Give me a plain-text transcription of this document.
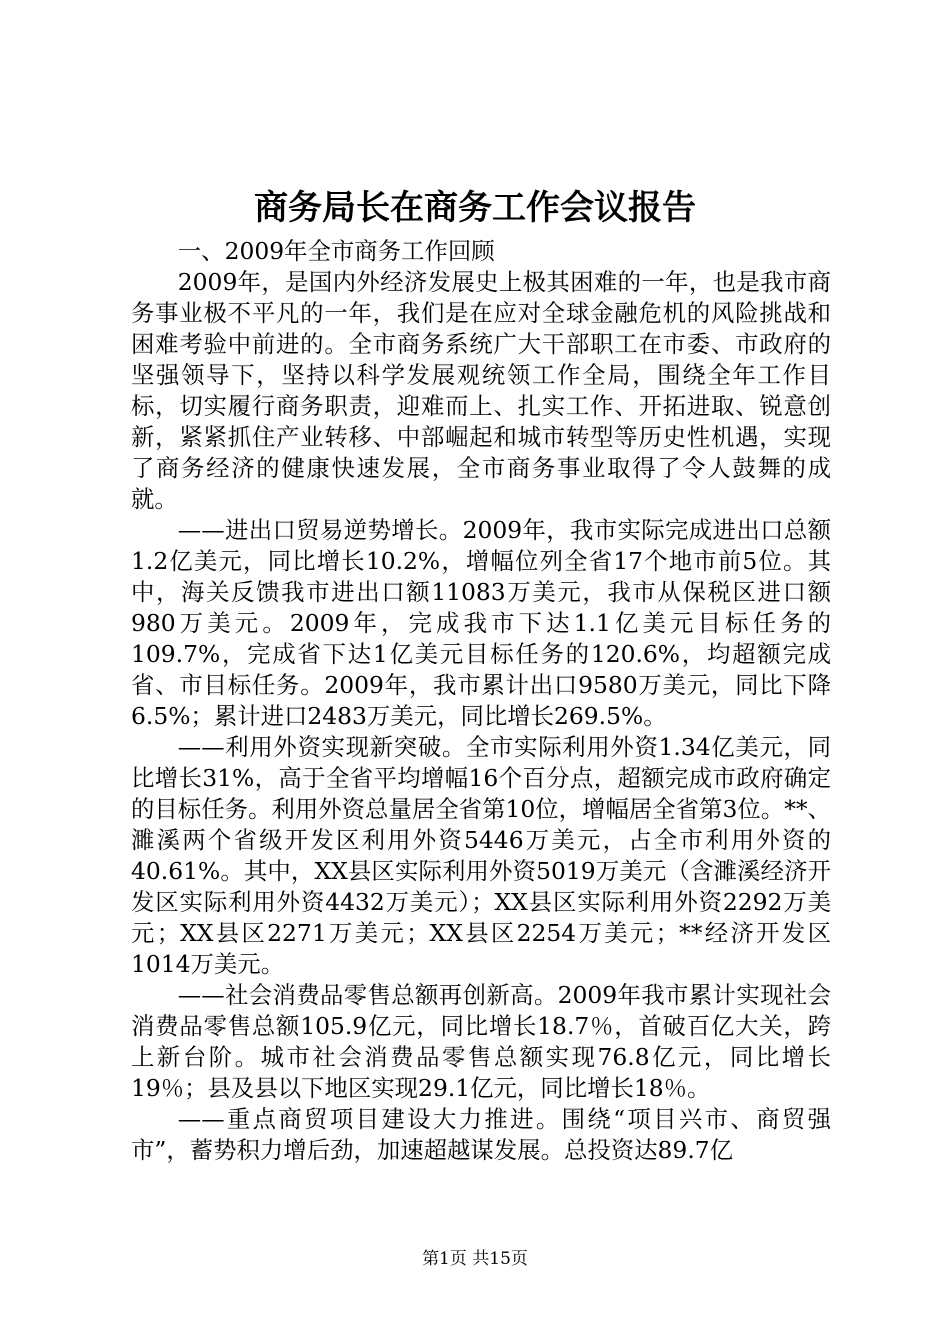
商务局长在商务工作会议报告

一、2009年全市商务工作回顾

2009年，是国内外经济发展史上极其困难的一年，也是我市商务事业极不平凡的一年，我们是在应对全球金融危机的风险挑战和困难考验中前进的。全市商务系统广大干部职工在市委、市政府的坚强领导下，坚持以科学发展观统领工作全局，围绕全年工作目标，切实履行商务职责，迎难而上、扎实工作、开拓进取、锐意创新，紧紧抓住产业转移、中部崛起和城市转型等历史性机遇，实现了商务经济的健康快速发展，全市商务事业取得了令人鼓舞的成就。

——进出口贸易逆势增长。2009年，我市实际完成进出口总额1.2亿美元，同比增长10.2%，增幅位列全省17个地市前5位。其中，海关反馈我市进出口额11083万美元，我市从保税区进口额980万美元。2009年，完成我市下达1.1亿美元目标任务的109.7%，完成省下达1亿美元目标任务的120.6%，均超额完成省、市目标任务。2009年，我市累计出口9580万美元，同比下降6.5%；累计进口2483万美元，同比增长269.5%。

——利用外资实现新突破。全市实际利用外资1.34亿美元，同比增长31%，高于全省平均增幅16个百分点，超额完成市政府确定的目标任务。利用外资总量居全省第10位，增幅居全省第3位。**、濉溪两个省级开发区利用外资5446万美元，占全市利用外资的40.61%。其中，XX县区实际利用外资5019万美元（含濉溪经济开发区实际利用外资4432万美元）；XX县区实际利用外资2292万美元；XX县区2271万美元；XX县区2254万美元；**经济开发区1014万美元。

——社会消费品零售总额再创新高。2009年我市累计实现社会消费品零售总额105.9亿元，同比增长18.7％，首破百亿大关，跨上新台阶。城市社会消费品零售总额实现76.8亿元，同比增长19％；县及县以下地区实现29.1亿元，同比增长18％。

——重点商贸项目建设大力推进。围绕“项目兴市、商贸强市”，蓄势积力增后劲，加速超越谋发展。总投资达89.7亿

第1页 共15页
